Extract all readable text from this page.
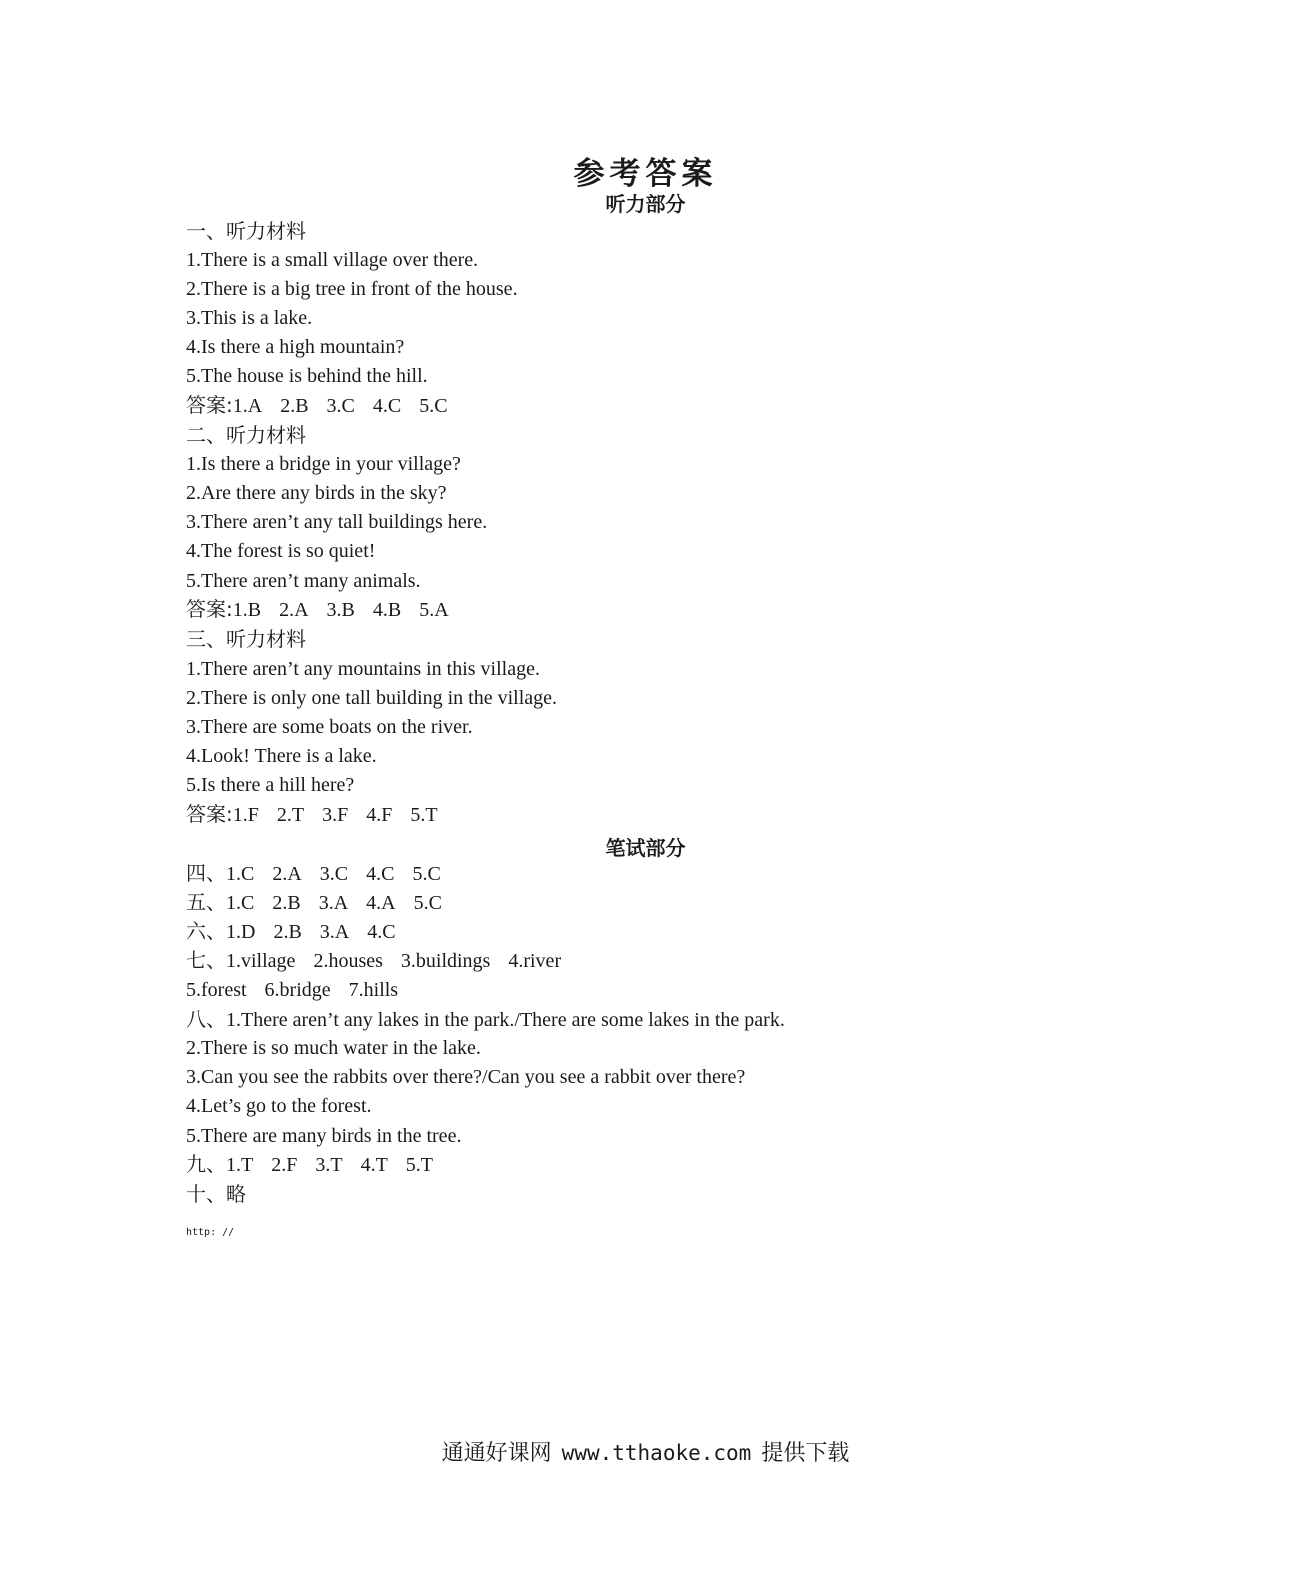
参考答案
听力部分
一、听力材料
1.There is a small village over there.
2.There is a big tree in front of the house.
3.This is a lake.
4.Is there a high mountain?
5.The house is behind the hill.
答案:1.A 2.B 3.C 4.C 5.C
二、听力材料
1.Is there a bridge in your village?
2.Are there any birds in the sky?
3.There aren’t any tall buildings here.
4.The forest is so quiet!
5.There aren’t many animals.
答案:1.B 2.A 3.B 4.B 5.A
三、听力材料
1.There aren’t any mountains in this village.
2.There is only one tall building in the village.
3.There are some boats on the river.
4.Look! There is a lake.
5.Is there a hill here?
答案:1.F 2.T 3.F 4.F 5.T
笔试部分
四、1.C 2.A 3.C 4.C 5.C
五、1.C 2.B 3.A 4.A 5.C
六、1.D 2.B 3.A 4.C
七、1.village 2.houses 3.buildings 4.river
5.forest 6.bridge 7.hills
八、1.There aren’t any lakes in the park./There are some lakes in the park.
2.There is so much water in the lake.
3.Can you see the rabbits over there?/Can you see a rabbit over there?
4.Let’s go to the forest.
5.There are many birds in the tree.
九、1.T 2.F 3.T 4.T 5.T
十、略
http: //
通通好课网 www.tthaoke.com 提供下载
